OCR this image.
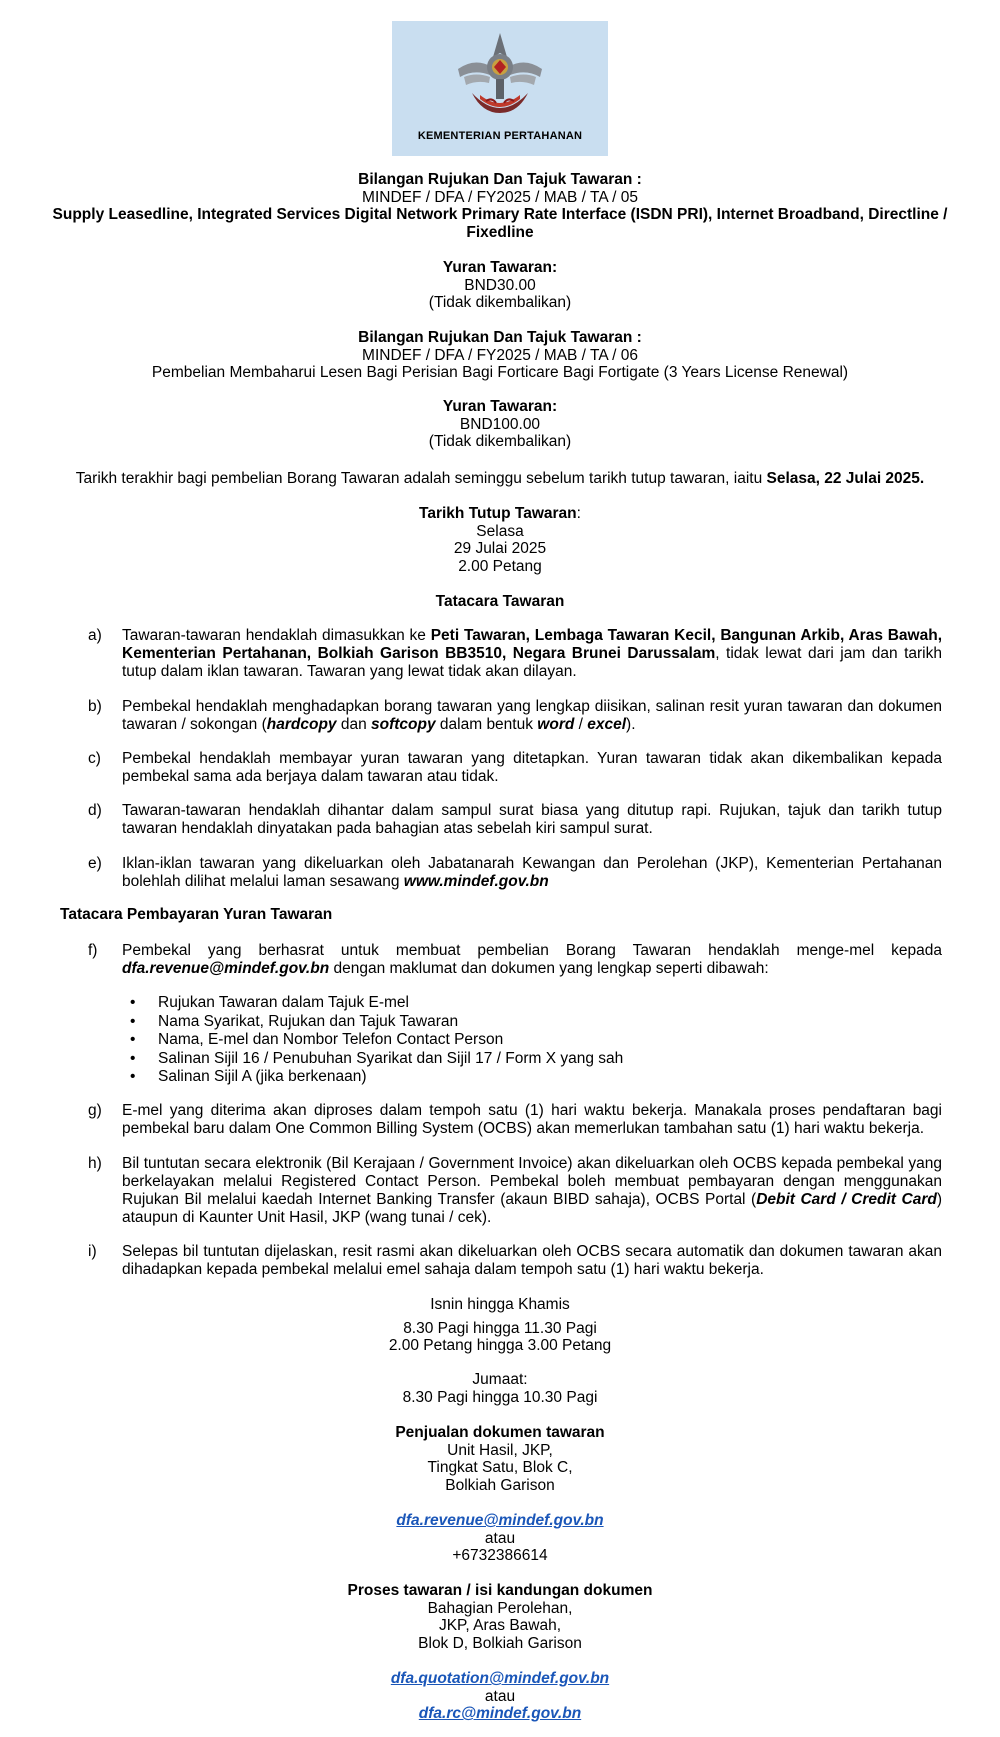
KEMENTERIAN PERTAHANAN
Bilangan Rujukan Dan Tajuk Tawaran :
MINDEF / DFA / FY2025 / MAB / TA / 05
Supply Leasedline, Integrated Services Digital Network Primary Rate Interface (ISDN PRI), Internet Broadband, Directline /
Fixedline
Yuran Tawaran:
BND30.00
(Tidak dikembalikan)
Bilangan Rujukan Dan Tajuk Tawaran :
MINDEF / DFA / FY2025 / MAB / TA / 06
Pembelian Membaharui Lesen Bagi Perisian Bagi Forticare Bagi Fortigate (3 Years License Renewal)
Yuran Tawaran:
BND100.00
(Tidak dikembalikan)
Tarikh terakhir bagi pembelian Borang Tawaran adalah seminggu sebelum tarikh tutup tawaran, iaitu Selasa, 22 Julai 2025.
Tarikh Tutup Tawaran:
Selasa
29 Julai 2025
2.00 Petang
Tatacara Tawaran
a) Tawaran-tawaran hendaklah dimasukkan ke Peti Tawaran, Lembaga Tawaran Kecil, Bangunan Arkib, Aras Bawah, Kementerian Pertahanan, Bolkiah Garison BB3510, Negara Brunei Darussalam, tidak lewat dari jam dan tarikh tutup dalam iklan tawaran. Tawaran yang lewat tidak akan dilayan.
b) Pembekal hendaklah menghadapkan borang tawaran yang lengkap diisikan, salinan resit yuran tawaran dan dokumen tawaran / sokongan (hardcopy dan softcopy dalam bentuk word / excel).
c) Pembekal hendaklah membayar yuran tawaran yang ditetapkan. Yuran tawaran tidak akan dikembalikan kepada pembekal sama ada berjaya dalam tawaran atau tidak.
d) Tawaran-tawaran hendaklah dihantar dalam sampul surat biasa yang ditutup rapi. Rujukan, tajuk dan tarikh tutup tawaran hendaklah dinyatakan pada bahagian atas sebelah kiri sampul surat.
e) Iklan-iklan tawaran yang dikeluarkan oleh Jabatanarah Kewangan dan Perolehan (JKP), Kementerian Pertahanan bolehlah dilihat melalui laman sesawang www.mindef.gov.bn
Tatacara Pembayaran Yuran Tawaran
f) Pembekal yang berhasrat untuk membuat pembelian Borang Tawaran hendaklah menge-mel kepada dfa.revenue@mindef.gov.bn dengan maklumat dan dokumen yang lengkap seperti dibawah:
• Rujukan Tawaran dalam Tajuk E-mel
• Nama Syarikat, Rujukan dan Tajuk Tawaran
• Nama, E-mel dan Nombor Telefon Contact Person
• Salinan Sijil 16 / Penubuhan Syarikat dan Sijil 17 / Form X yang sah
• Salinan Sijil A (jika berkenaan)
g) E-mel yang diterima akan diproses dalam tempoh satu (1) hari waktu bekerja. Manakala proses pendaftaran bagi pembekal baru dalam One Common Billing System (OCBS) akan memerlukan tambahan satu (1) hari waktu bekerja.
h) Bil tuntutan secara elektronik (Bil Kerajaan / Government Invoice) akan dikeluarkan oleh OCBS kepada pembekal yang berkelayakan melalui Registered Contact Person. Pembekal boleh membuat pembayaran dengan menggunakan Rujukan Bil melalui kaedah Internet Banking Transfer (akaun BIBD sahaja), OCBS Portal (Debit Card / Credit Card) ataupun di Kaunter Unit Hasil, JKP (wang tunai / cek).
i) Selepas bil tuntutan dijelaskan, resit rasmi akan dikeluarkan oleh OCBS secara automatik dan dokumen tawaran akan dihadapkan kepada pembekal melalui emel sahaja dalam tempoh satu (1) hari waktu bekerja.
Isnin hingga Khamis
8.30 Pagi hingga 11.30 Pagi
2.00 Petang hingga 3.00 Petang
Jumaat:
8.30 Pagi hingga 10.30 Pagi
Penjualan dokumen tawaran
Unit Hasil, JKP,
Tingkat Satu, Blok C,
Bolkiah Garison
dfa.revenue@mindef.gov.bn
atau
+6732386614
Proses tawaran / isi kandungan dokumen
Bahagian Perolehan,
JKP, Aras Bawah,
Blok D, Bolkiah Garison
dfa.quotation@mindef.gov.bn
atau
dfa.rc@mindef.gov.bn
